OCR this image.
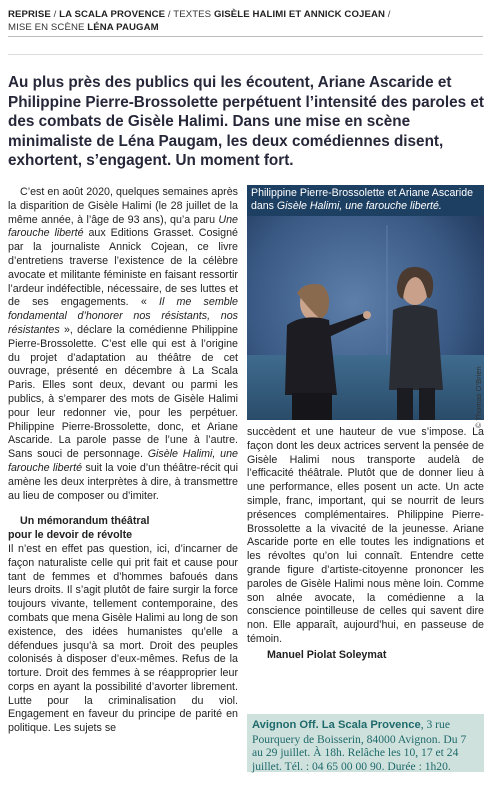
REPRISE / LA SCALA PROVENCE / TEXTES GISÈLE HALIMI ET ANNICK COJEAN /
MISE EN SCÈNE LÉNA PAUGAM
Au plus près des publics qui les écoutent, Ariane Ascaride et Philippine Pierre-Brossolette perpétuent l’intensité des paroles et des combats de Gisèle Halimi. Dans une mise en scène minimaliste de Léna Paugam, les deux comédiennes disent, exhortent, s’engagent. Un moment fort.

C’est en août 2020, quelques semaines après la disparition de Gisèle Halimi (le 28 juillet de la même année, à l’âge de 93 ans), qu’a paru Une farouche liberté aux Editions Grasset. Cosigné par la journaliste Annick Cojean, ce livre d’entretiens traverse l’existence de la célèbre avocate et militante féministe en faisant ressortir l’ardeur indéfectible, nécessaire, de ses luttes et de ses engagements. « Il me semble fondamental d’honorer nos résistants, nos résistantes », déclare la comédienne Philippine Pierre-Brossolette. C’est elle qui est à l’origine du projet d’adaptation au théâtre de cet ouvrage, présenté en décembre à La Scala Paris. Elles sont deux, devant ou parmi les publics, à s’emparer des mots de Gisèle Halimi pour leur redonner vie, pour les perpétuer. Philippine Pierre-Brossolette, donc, et Ariane Ascaride. La parole passe de l’une à l’autre. Sans souci de personnage. Gisèle Halimi, une farouche liberté suit la voie d’un théâtre-récit qui amène les deux interprètes à dire, à transmettre au lieu de composer ou d’imiter.

Un mémorandum théâtral
pour le devoir de révolte

Il n’est en effet pas question, ici, d’incarner de façon naturaliste celle qui prit fait et cause pour tant de femmes et d’hommes bafoués dans leurs droits. Il s’agit plutôt de faire surgir la force toujours vivante, tellement contemporaine, des combats que mena Gisèle Halimi au long de son existence, des idées humanistes qu’elle a défendues jusqu’à sa mort. Droit des peuples colonisés à disposer d’eux-mêmes. Refus de la torture. Droit des femmes à se réapproprier leur corps en ayant la possibilité d’avorter librement. Lutte pour la criminalisation du viol. Engagement en faveur du principe de parité en politique. Les sujets se

Philippine Pierre-Brossolette et Ariane Ascaride
dans Gisèle Halimi, une farouche liberté.
© Thomas O’Brien

succèdent et une hauteur de vue s’impose. La façon dont les deux actrices servent la pensée de Gisèle Halimi nous transporte audelà de l’efficacité théâtrale. Plutôt que de donner lieu à une performance, elles posent un acte. Un acte simple, franc, important, qui se nourrit de leurs présences complémentaires. Philippine Pierre-Brossolette a la vivacité de la jeunesse. Ariane Ascaride porte en elle toutes les indignations et les révoltes qu’on lui connaît. Entendre cette grande figure d’artiste-citoyenne prononcer les paroles de Gisèle Halimi nous mène loin. Comme son alnée avocate, la comédienne a la conscience pointilleuse de celles qui savent dire non. Elle apparaît, aujourd’hui, en passeuse de témoin.

Manuel Piolat Soleymat

Avignon Off. La Scala Provence, 3 rue Pourquery de Boisserin, 84000 Avignon. Du 7 au 29 juillet. À 18h. Relâche les 10, 17 et 24 juillet. Tél. : 04 65 00 00 90. Durée : 1h20.
